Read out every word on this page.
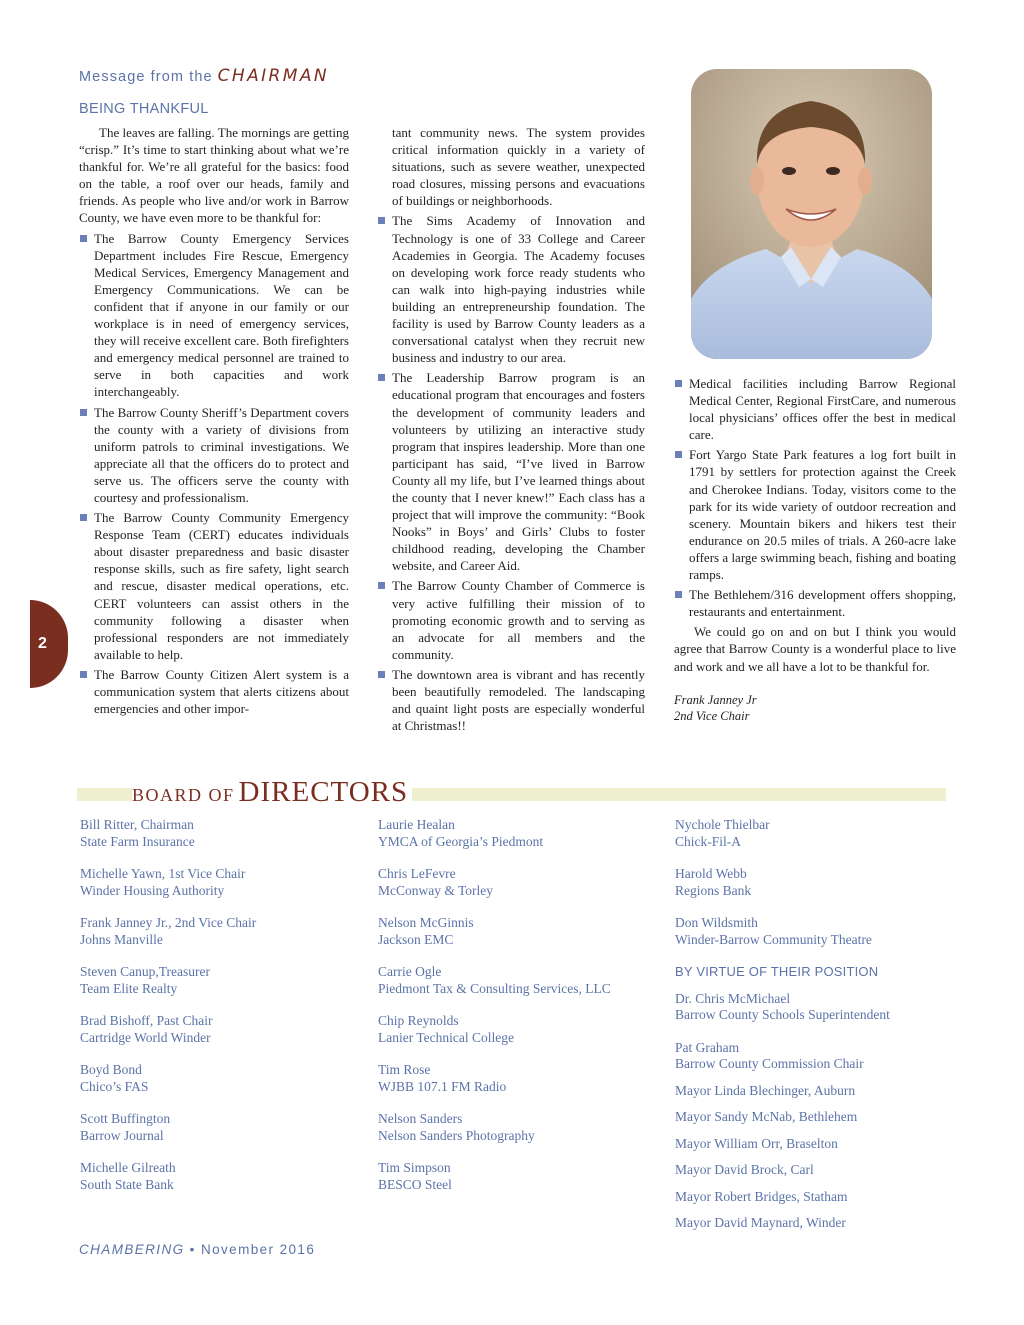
Message from the CHAIRMAN
BEING THANKFUL

The leaves are falling. The mornings are getting “crisp.” It’s time to start thinking about what we’re thankful for. We’re all grateful for the basics: food on the table, a roof over our heads, family and friends. As people who live and/or work in Barrow County, we have even more to be thankful for:

The Barrow County Emergency Services Department includes Fire Rescue, Emergency Medical Services, Emergency Management and Emergency Communications. We can be confident that if anyone in our family or our workplace is in need of emergency services, they will receive excellent care. Both firefighters and emergency medical personnel are trained to serve in both capacities and work interchangeably.
The Barrow County Sheriff’s Department covers the county with a variety of divisions from uniform patrols to criminal investigations. We appreciate all that the officers do to protect and serve us. The officers serve the county with courtesy and professionalism.
The Barrow County Community Emergency Response Team (CERT) educates individuals about disaster preparedness and basic disaster response skills, such as fire safety, light search and rescue, disaster medical operations, etc. CERT volunteers can assist others in the community following a disaster when professional responders are not immediately available to help.
The Barrow County Citizen Alert system is a communication system that alerts citizens about emergencies and other impor-

tant community news. The system provides critical information quickly in a variety of situations, such as severe weather, unexpected road closures, missing persons and evacuations of buildings or neighborhoods.

The Sims Academy of Innovation and Technology is one of 33 College and Career Academies in Georgia. The Academy focuses on developing work force ready students who can walk into high-paying industries while building an entrepreneurship foundation. The facility is used by Barrow County leaders as a conversational catalyst when they recruit new business and industry to our area.
The Leadership Barrow program is an educational program that encourages and fosters the development of community leaders and volunteers by utilizing an interactive study program that inspires leadership. More than one participant has said, “I’ve lived in Barrow County all my life, but I’ve learned things about the county that I never knew!” Each class has a project that will improve the community: “Book Nooks” in Boys’ and Girls’ Clubs to foster childhood reading, developing the Chamber website, and Career Aid.
The Barrow County Chamber of Commerce is very active fulfilling their mission of to promoting economic growth and to serving as an advocate for all members and the community.
The downtown area is vibrant and has recently been beautifully remodeled. The landscaping and quaint light posts are especially wonderful at Christmas!!
Medical facilities including Barrow Regional Medical Center, Regional FirstCare, and numerous local physicians’ offices offer the best in medical care.
Fort Yargo State Park features a log fort built in 1791 by settlers for protection against the Creek and Cherokee Indians. Today, visitors come to the park for its wide variety of outdoor recreation and scenery. Mountain bikers and hikers test their endurance on 20.5 miles of trials. A 260-acre lake offers a large swimming beach, fishing and boating ramps.
The Bethlehem/316 development offers shopping, restaurants and entertainment.

We could go on and on but I think you would agree that Barrow County is a wonderful place to live and work and we all have a lot to be thankful for.

Frank Janney Jr
2nd Vice Chair
2
BOARD OF DIRECTORS
Bill Ritter, Chairman
State Farm Insurance
Michelle Yawn, 1st Vice Chair
Winder Housing Authority
Frank Janney Jr., 2nd Vice Chair
Johns Manville
Steven Canup,Treasurer
Team Elite Realty
Brad Bishoff, Past Chair
Cartridge World Winder
Boyd Bond
Chico’s FAS
Scott Buffington
Barrow Journal
Michelle Gilreath
South State Bank
Laurie Healan
YMCA of Georgia’s Piedmont
Chris LeFevre
McConway & Torley
Nelson McGinnis
Jackson EMC
Carrie Ogle
Piedmont Tax & Consulting Services, LLC
Chip Reynolds
Lanier Technical College
Tim Rose
WJBB 107.1 FM Radio
Nelson Sanders
Nelson Sanders Photography
Tim Simpson
BESCO Steel
Nychole Thielbar
Chick-Fil-A
Harold Webb
Regions Bank
Don Wildsmith
Winder-Barrow Community Theatre
BY VIRTUE OF THEIR POSITION
Dr. Chris McMichael
Barrow County Schools Superintendent
Pat Graham
Barrow County Commission Chair
Mayor Linda Blechinger, Auburn
Mayor Sandy McNab, Bethlehem
Mayor William Orr, Braselton
Mayor David Brock, Carl
Mayor Robert Bridges, Statham
Mayor David Maynard, Winder
CHAMBERING • November 2016
